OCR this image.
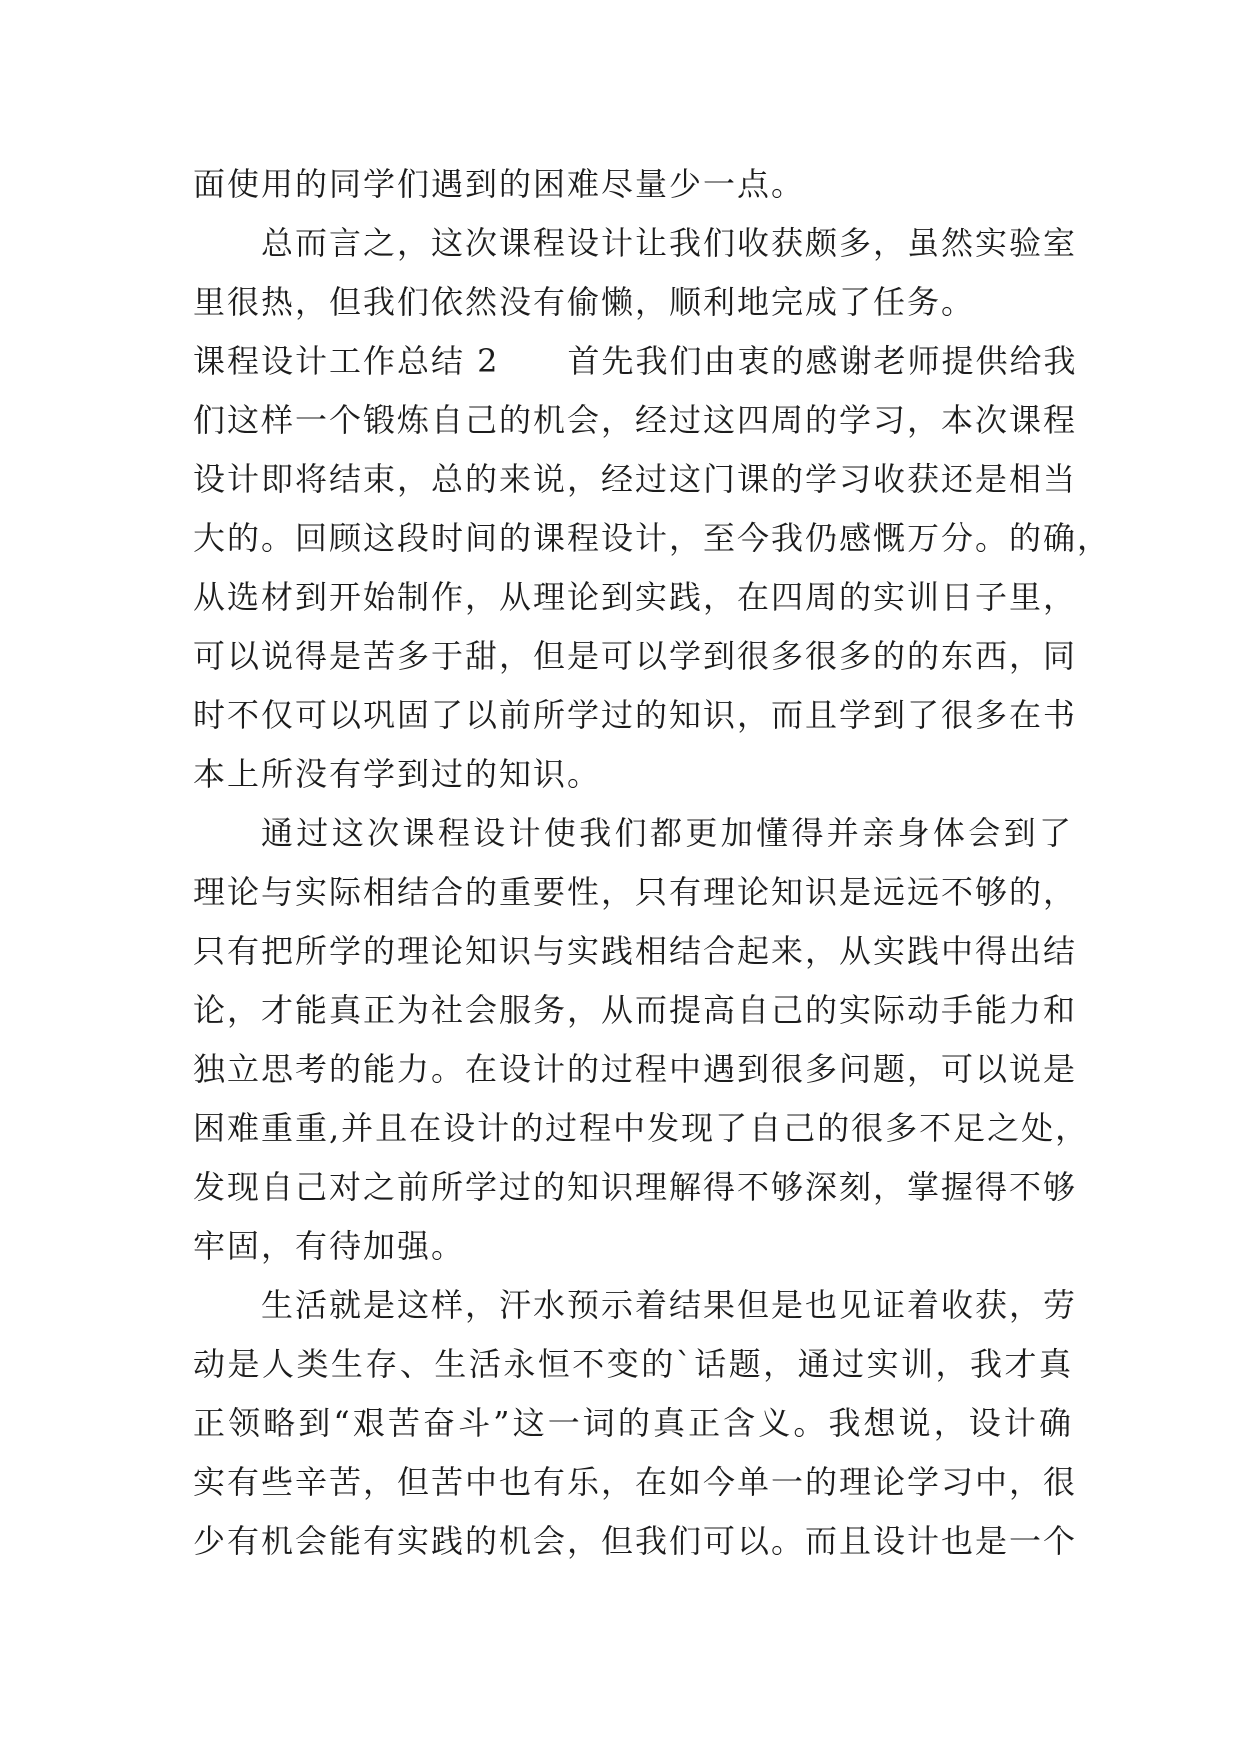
面使用的同学们遇到的困难尽量少一点。
总而言之，这次课程设计让我们收获颇多，虽然实验室
里很热，但我们依然没有偷懒，顺利地完成了任务。
课程设计工作总结 2　　首先我们由衷的感谢老师提供给我
们这样一个锻炼自己的机会，经过这四周的学习，本次课程
设计即将结束，总的来说，经过这门课的学习收获还是相当
大的。回顾这段时间的课程设计，至今我仍感慨万分。的确，
从选材到开始制作，从理论到实践，在四周的实训日子里，
可以说得是苦多于甜，但是可以学到很多很多的的东西，同
时不仅可以巩固了以前所学过的知识，而且学到了很多在书
本上所没有学到过的知识。
通过这次课程设计使我们都更加懂得并亲身体会到了
理论与实际相结合的重要性，只有理论知识是远远不够的，
只有把所学的理论知识与实践相结合起来，从实践中得出结
论，才能真正为社会服务，从而提高自己的实际动手能力和
独立思考的能力。在设计的过程中遇到很多问题，可以说是
困难重重,并且在设计的过程中发现了自己的很多不足之处，
发现自己对之前所学过的知识理解得不够深刻，掌握得不够
牢固，有待加强。
生活就是这样，汗水预示着结果但是也见证着收获，劳
动是人类生存、生活永恒不变的`话题，通过实训，我才真
正领略到“艰苦奋斗”这一词的真正含义。我想说，设计确
实有些辛苦，但苦中也有乐，在如今单一的理论学习中，很
少有机会能有实践的机会，但我们可以。而且设计也是一个
